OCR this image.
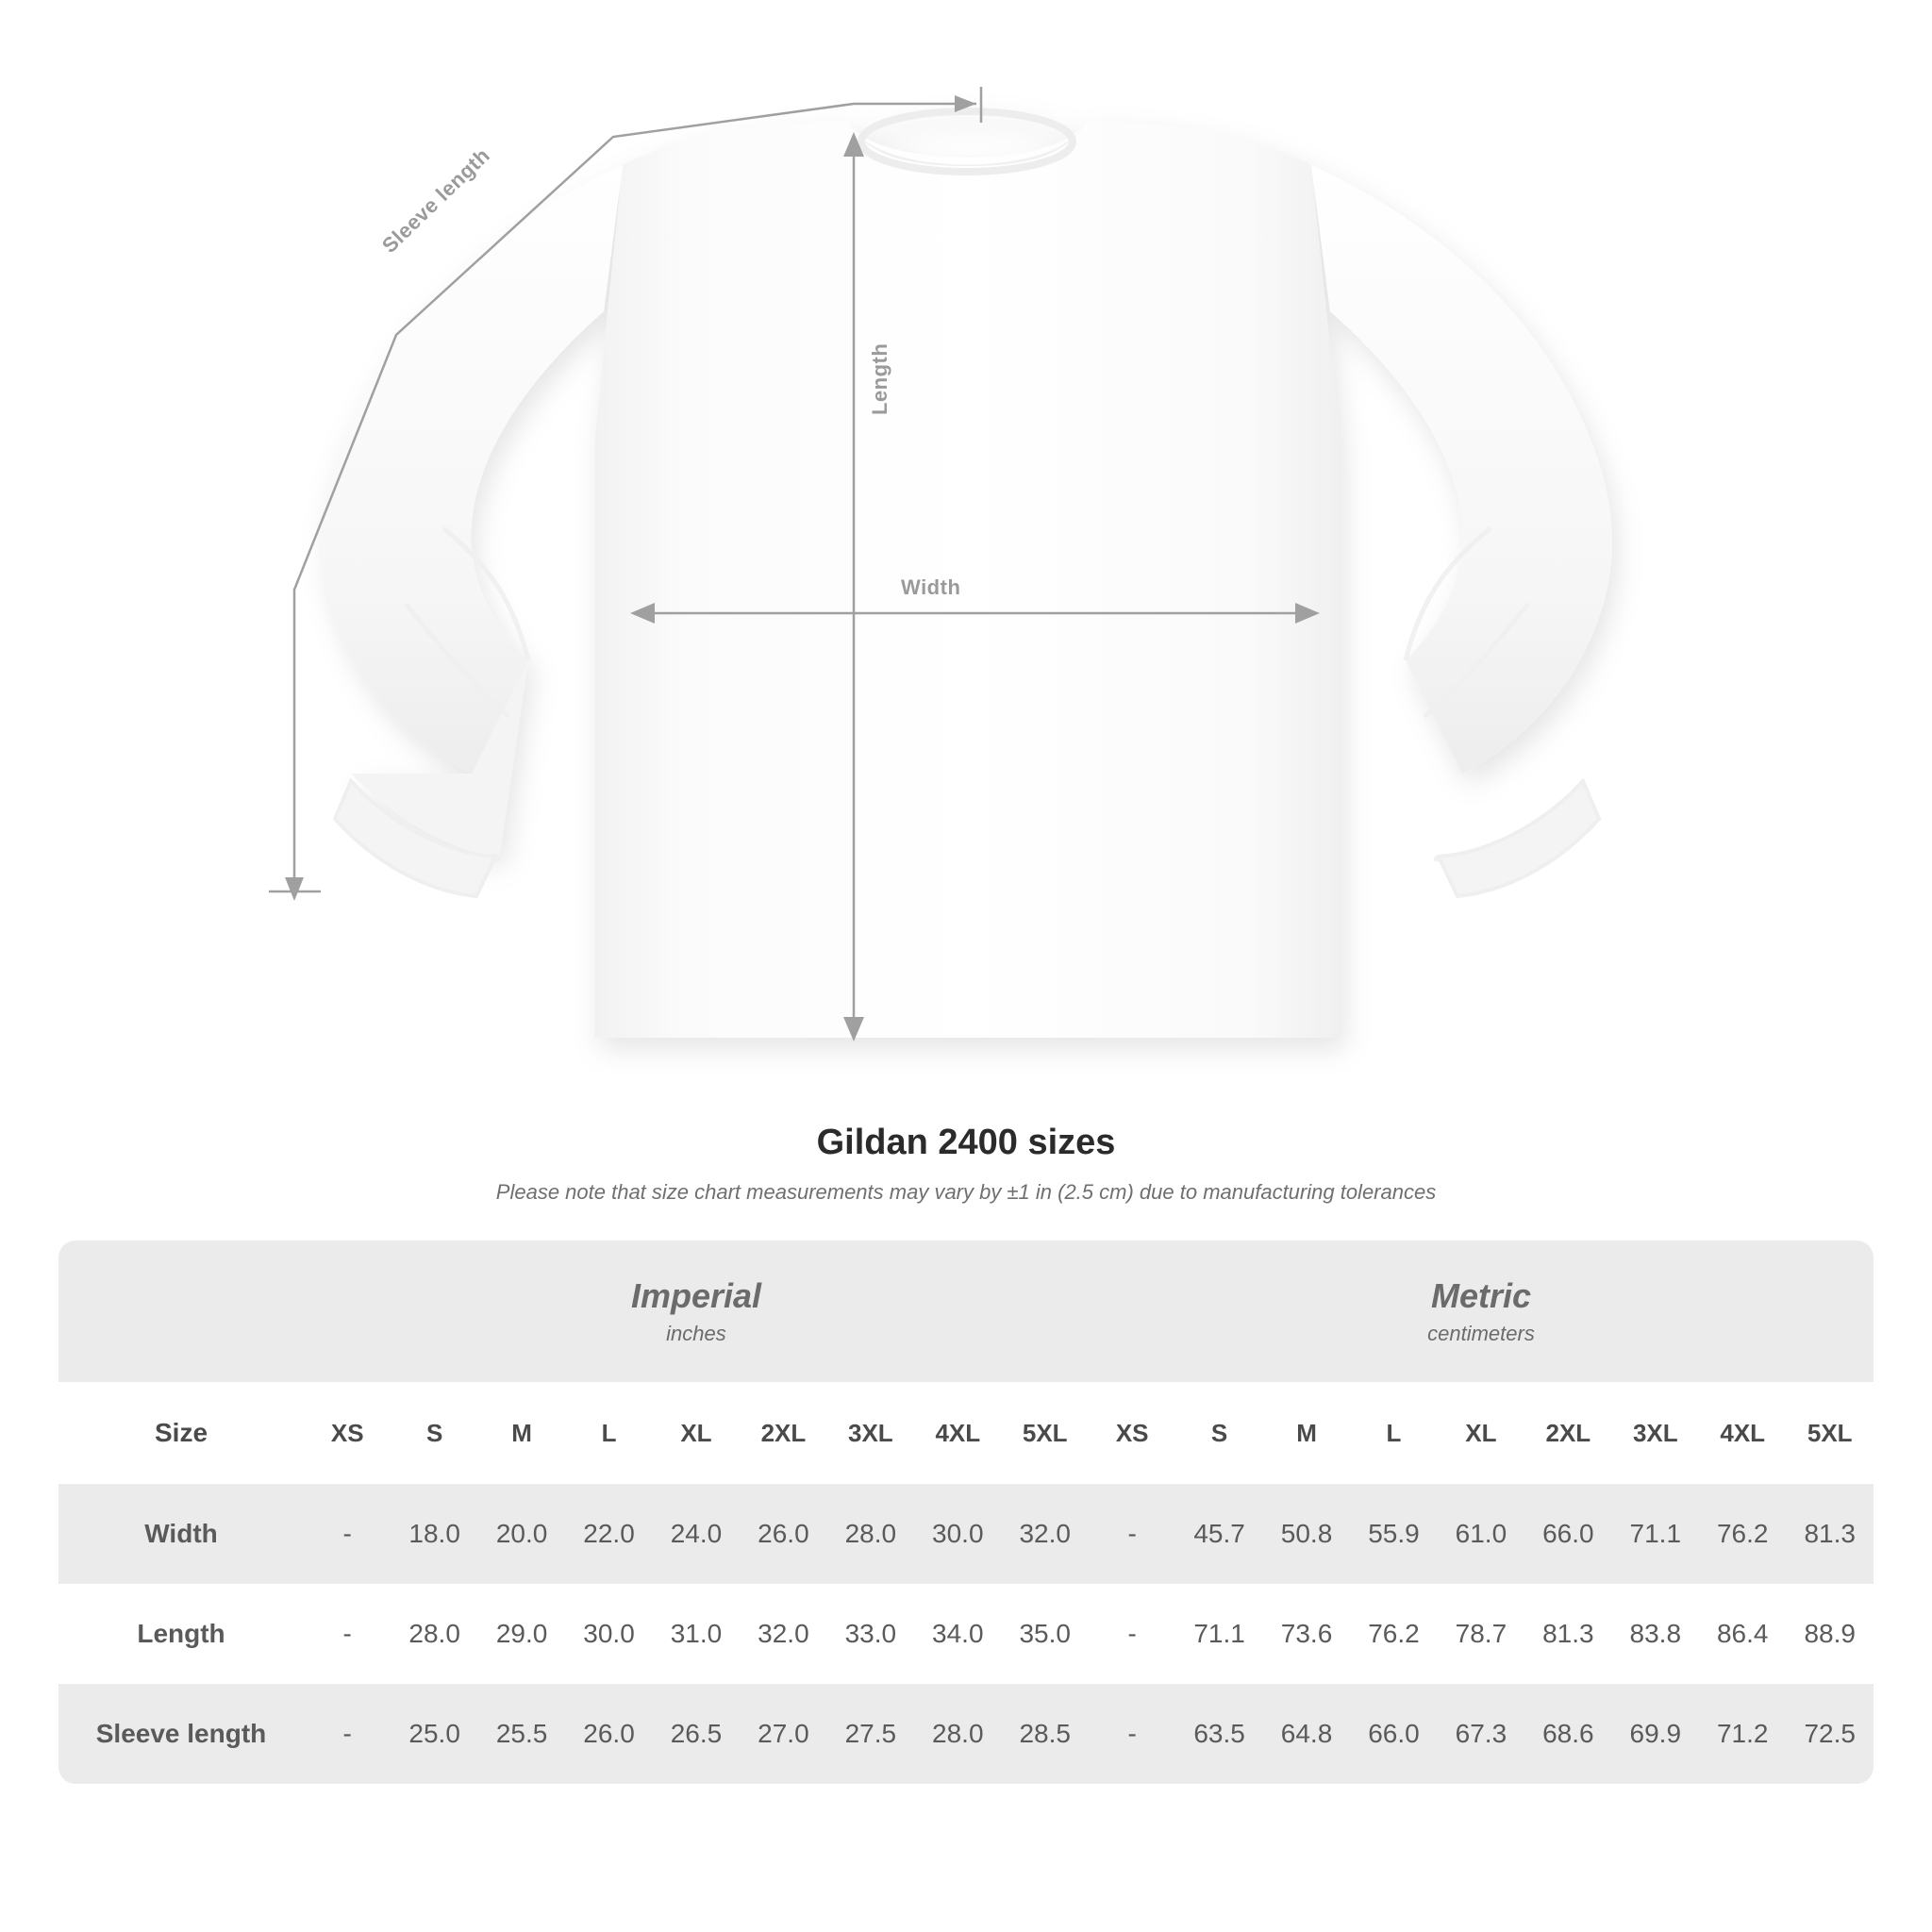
Sleeve length
Length
Width
Gildan 2400 sizes

Please note that size chart measurements may vary by ±1 in (2.5 cm) due to manufacturing tolerances

	Imperial
inches									Metric
centimeters								

Size	XS	S	M	L	XL	2XL	3XL	4XL	5XL	XS	S	M	L	XL	2XL	3XL	4XL	5XL
Width	-	18.0	20.0	22.0	24.0	26.0	28.0	30.0	32.0	-	45.7	50.8	55.9	61.0	66.0	71.1	76.2	81.3
Length	-	28.0	29.0	30.0	31.0	32.0	33.0	34.0	35.0	-	71.1	73.6	76.2	78.7	81.3	83.8	86.4	88.9
Sleeve length	-	25.0	25.5	26.0	26.5	27.0	27.5	28.0	28.5	-	63.5	64.8	66.0	67.3	68.6	69.9	71.2	72.5
